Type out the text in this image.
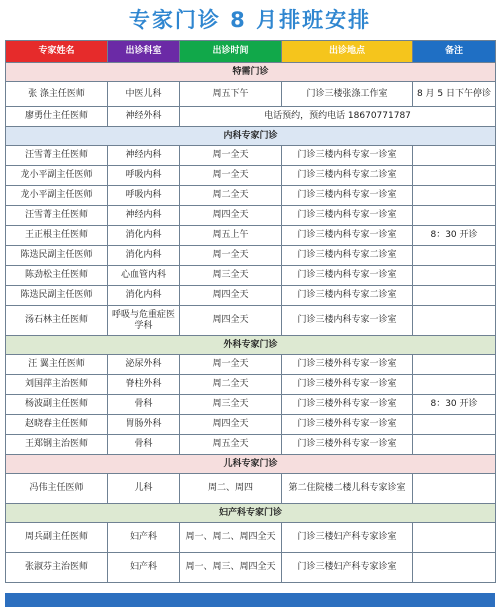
专家门诊 8 月排班安排
专家姓名	出诊科室	出诊时间	出诊地点	备注
特需门诊				
张 涤主任医师	中医儿科	周五下午	门诊三楼张涤工作室	8 月 5 日下午停诊
廖勇仕主任医师	神经外科	电话预约，预约电话 18670771787		
内科专家门诊				
汪雪菁主任医师	神经内科	周一全天	门诊三楼内科专家一诊室	
龙小平副主任医师	呼吸内科	周一全天	门诊三楼内科专家二诊室	
龙小平副主任医师	呼吸内科	周二全天	门诊三楼内科专家一诊室	
汪雪菁主任医师	神经内科	周四全天	门诊三楼内科专家一诊室	
王正根主任医师	消化内科	周五上午	门诊三楼内科专家一诊室	8：30 开诊
陈迭民副主任医师	消化内科	周一全天	门诊三楼内科专家二诊室	
陈劲松主任医师	心血管内科	周三全天	门诊三楼内科专家一诊室	
陈迭民副主任医师	消化内科	周四全天	门诊三楼内科专家二诊室	
汤石林主任医师	呼吸与危重症医学科	周四全天	门诊三楼内科专家一诊室	
外科专家门诊				
汪 翼主任医师	泌尿外科	周一全天	门诊三楼外科专家一诊室	
刘国萍主治医师	脊柱外科	周二全天	门诊三楼外科专家一诊室	
杨波副主任医师	骨科	周三全天	门诊三楼外科专家一诊室	8：30 开诊
赵晓春主任医师	胃肠外科	周四全天	门诊三楼外科专家一诊室	
王郑钢主治医师	骨科	周五全天	门诊三楼外科专家一诊室	
儿科专家门诊				
冯伟主任医师	儿科	周二、周四	第二住院楼二楼儿科专家诊室	
妇产科专家门诊				
周兵副主任医师	妇产科	周一、周二、周四全天	门诊三楼妇产科专家诊室	
张淑芬主治医师	妇产科	周一、周三、周四全天	门诊三楼妇产科专家诊室	
